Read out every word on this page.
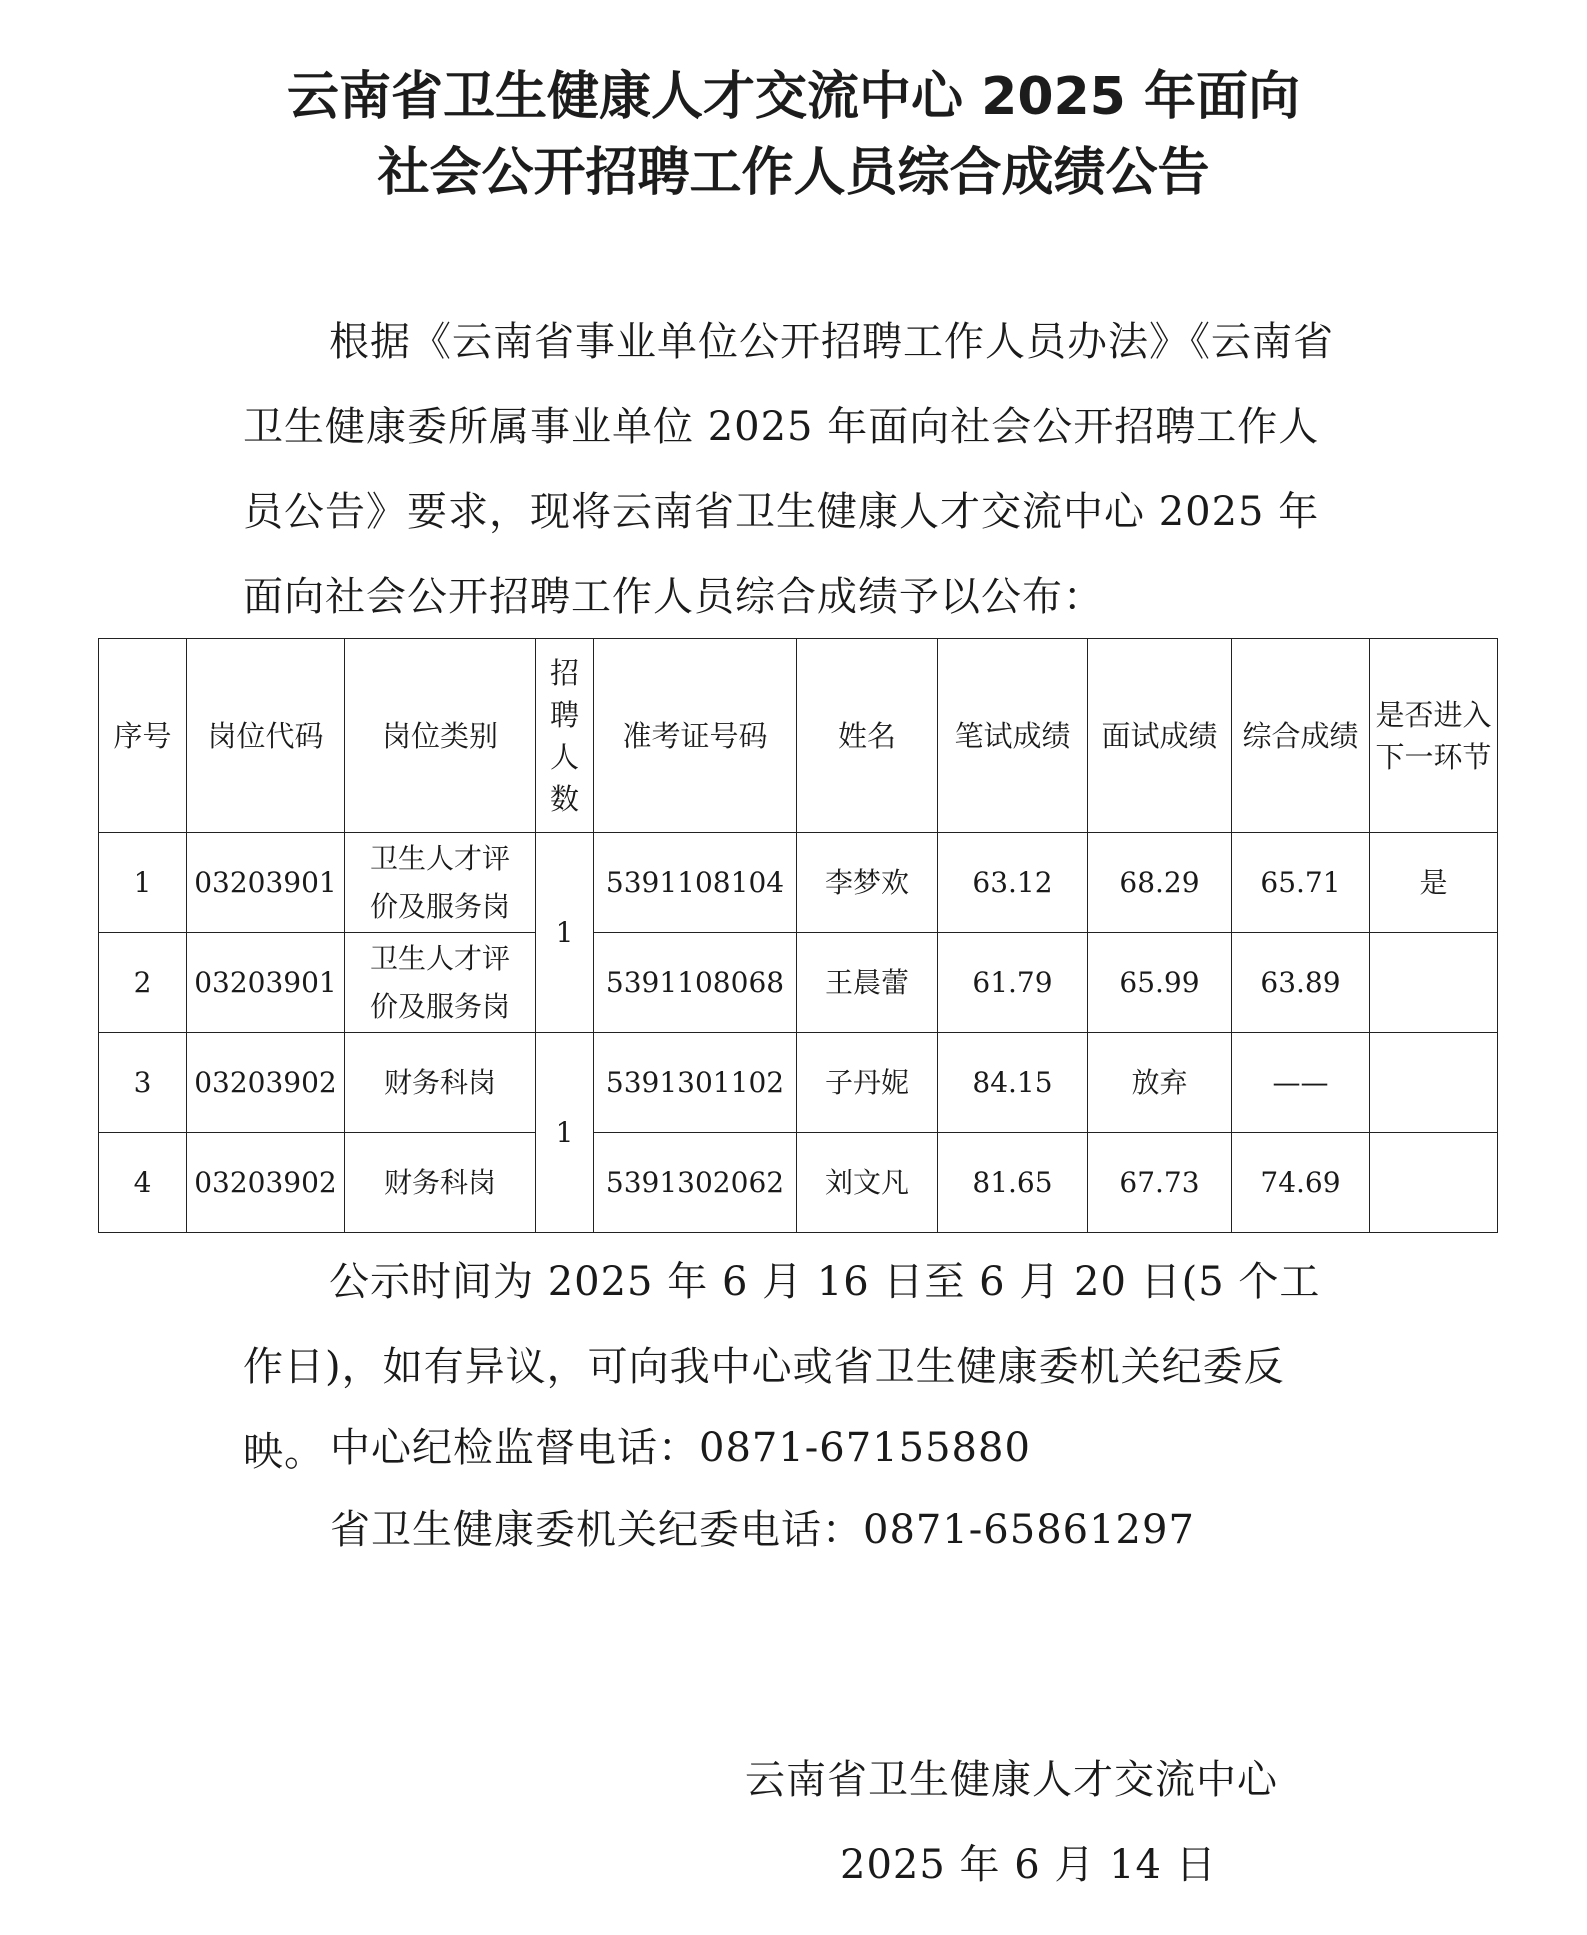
云南省卫生健康人才交流中心 2025 年面向
社会公开招聘工作人员综合成绩公告
根据《云南省事业单位公开招聘工作人员办法》《云南省卫生健康委所属事业单位 2025 年面向社会公开招聘工作人员公告》要求，现将云南省卫生健康人才交流中心 2025 年面向社会公开招聘工作人员综合成绩予以公布：
序号	岗位代码	岗位类别	招聘人数	准考证号码	姓名	笔试成绩	面试成绩	综合成绩	是否进入下一环节
1	03203901	卫生人才评价及服务岗	1	5391108104	李梦欢	63.12	68.29	65.71	是
2	03203901	卫生人才评价及服务岗		5391108068	王晨蕾	61.79	65.99	63.89	
3	03203902	财务科岗	1	5391301102	子丹妮	84.15	放弃	——	
4	03203902	财务科岗		5391302062	刘文凡	81.65	67.73	74.69	
公示时间为 2025 年 6 月 16 日至 6 月 20 日(5 个工作日)，如有异议，可向我中心或省卫生健康委机关纪委反映。 中心纪检监督电话：0871-67155880
省卫生健康委机关纪委电话：0871-65861297
云南省卫生健康人才交流中心
2025 年 6 月 14 日
